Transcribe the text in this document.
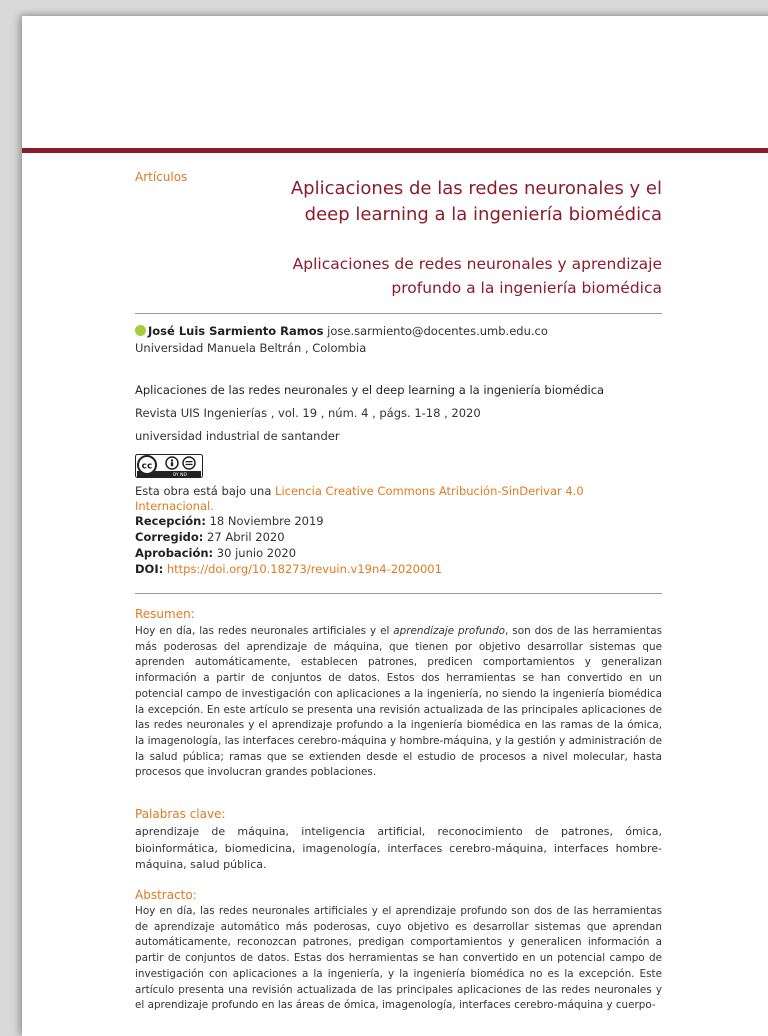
Artículos
Aplicaciones de las redes neuronales y el deep learning a la ingeniería biomédica
Aplicaciones de redes neuronales y aprendizaje profundo a la ingeniería biomédica
José Luis Sarmiento Ramos jose.sarmiento@docentes.umb.edu.co
Universidad Manuela Beltrán , Colombia
Aplicaciones de las redes neuronales y el deep learning a la ingeniería biomédica
Revista UIS Ingenierías , vol. 19 , núm. 4 , págs. 1-18 , 2020
universidad industrial de santander
cc
BY ND
Esta obra está bajo una Licencia Creative Commons Atribución-SinDerivar 4.0 Internacional.
Recepción: 18 Noviembre 2019
Corregido: 27 Abril 2020
Aprobación: 30 junio 2020
DOI: https://doi.org/10.18273/revuin.v19n4-2020001
Resumen:

Hoy en día, las redes neuronales artificiales y el aprendizaje profundo, son dos de las herramientas más poderosas del aprendizaje de máquina, que tienen por objetivo desarrollar sistemas que aprenden automáticamente, establecen patrones, predicen comportamientos y generalizan información a partir de conjuntos de datos. Estos dos herramientas se han convertido en un potencial campo de investigación con aplicaciones a la ingeniería, no siendo la ingeniería biomédica la excepción. En este artículo se presenta una revisión actualizada de las principales aplicaciones de las redes neuronales y el aprendizaje profundo a la ingeniería biomédica en las ramas de la ómica, la imagenología, las interfaces cerebro-máquina y hombre-máquina, y la gestión y administración de la salud pública; ramas que se extienden desde el estudio de procesos a nivel molecular, hasta procesos que involucran grandes poblaciones.

Palabras clave:

aprendizaje de máquina, inteligencia artificial, reconocimiento de patrones, ómica, bioinformática, biomedicina, imagenología, interfaces cerebro-máquina, interfaces hombre-máquina, salud pública.

Abstracto:

Hoy en día, las redes neuronales artificiales y el aprendizaje profundo son dos de las herramientas de aprendizaje automático más poderosas, cuyo objetivo es desarrollar sistemas que aprendan automáticamente, reconozcan patrones, predigan comportamientos y generalicen información a partir de conjuntos de datos. Estas dos herramientas se han convertido en un potencial campo de investigación con aplicaciones a la ingeniería, y la ingeniería biomédica no es la excepción. Este artículo presenta una revisión actualizada de las principales aplicaciones de las redes neuronales y el aprendizaje profundo en las áreas de ómica, imagenología, interfaces cerebro-máquina y cuerpo-
